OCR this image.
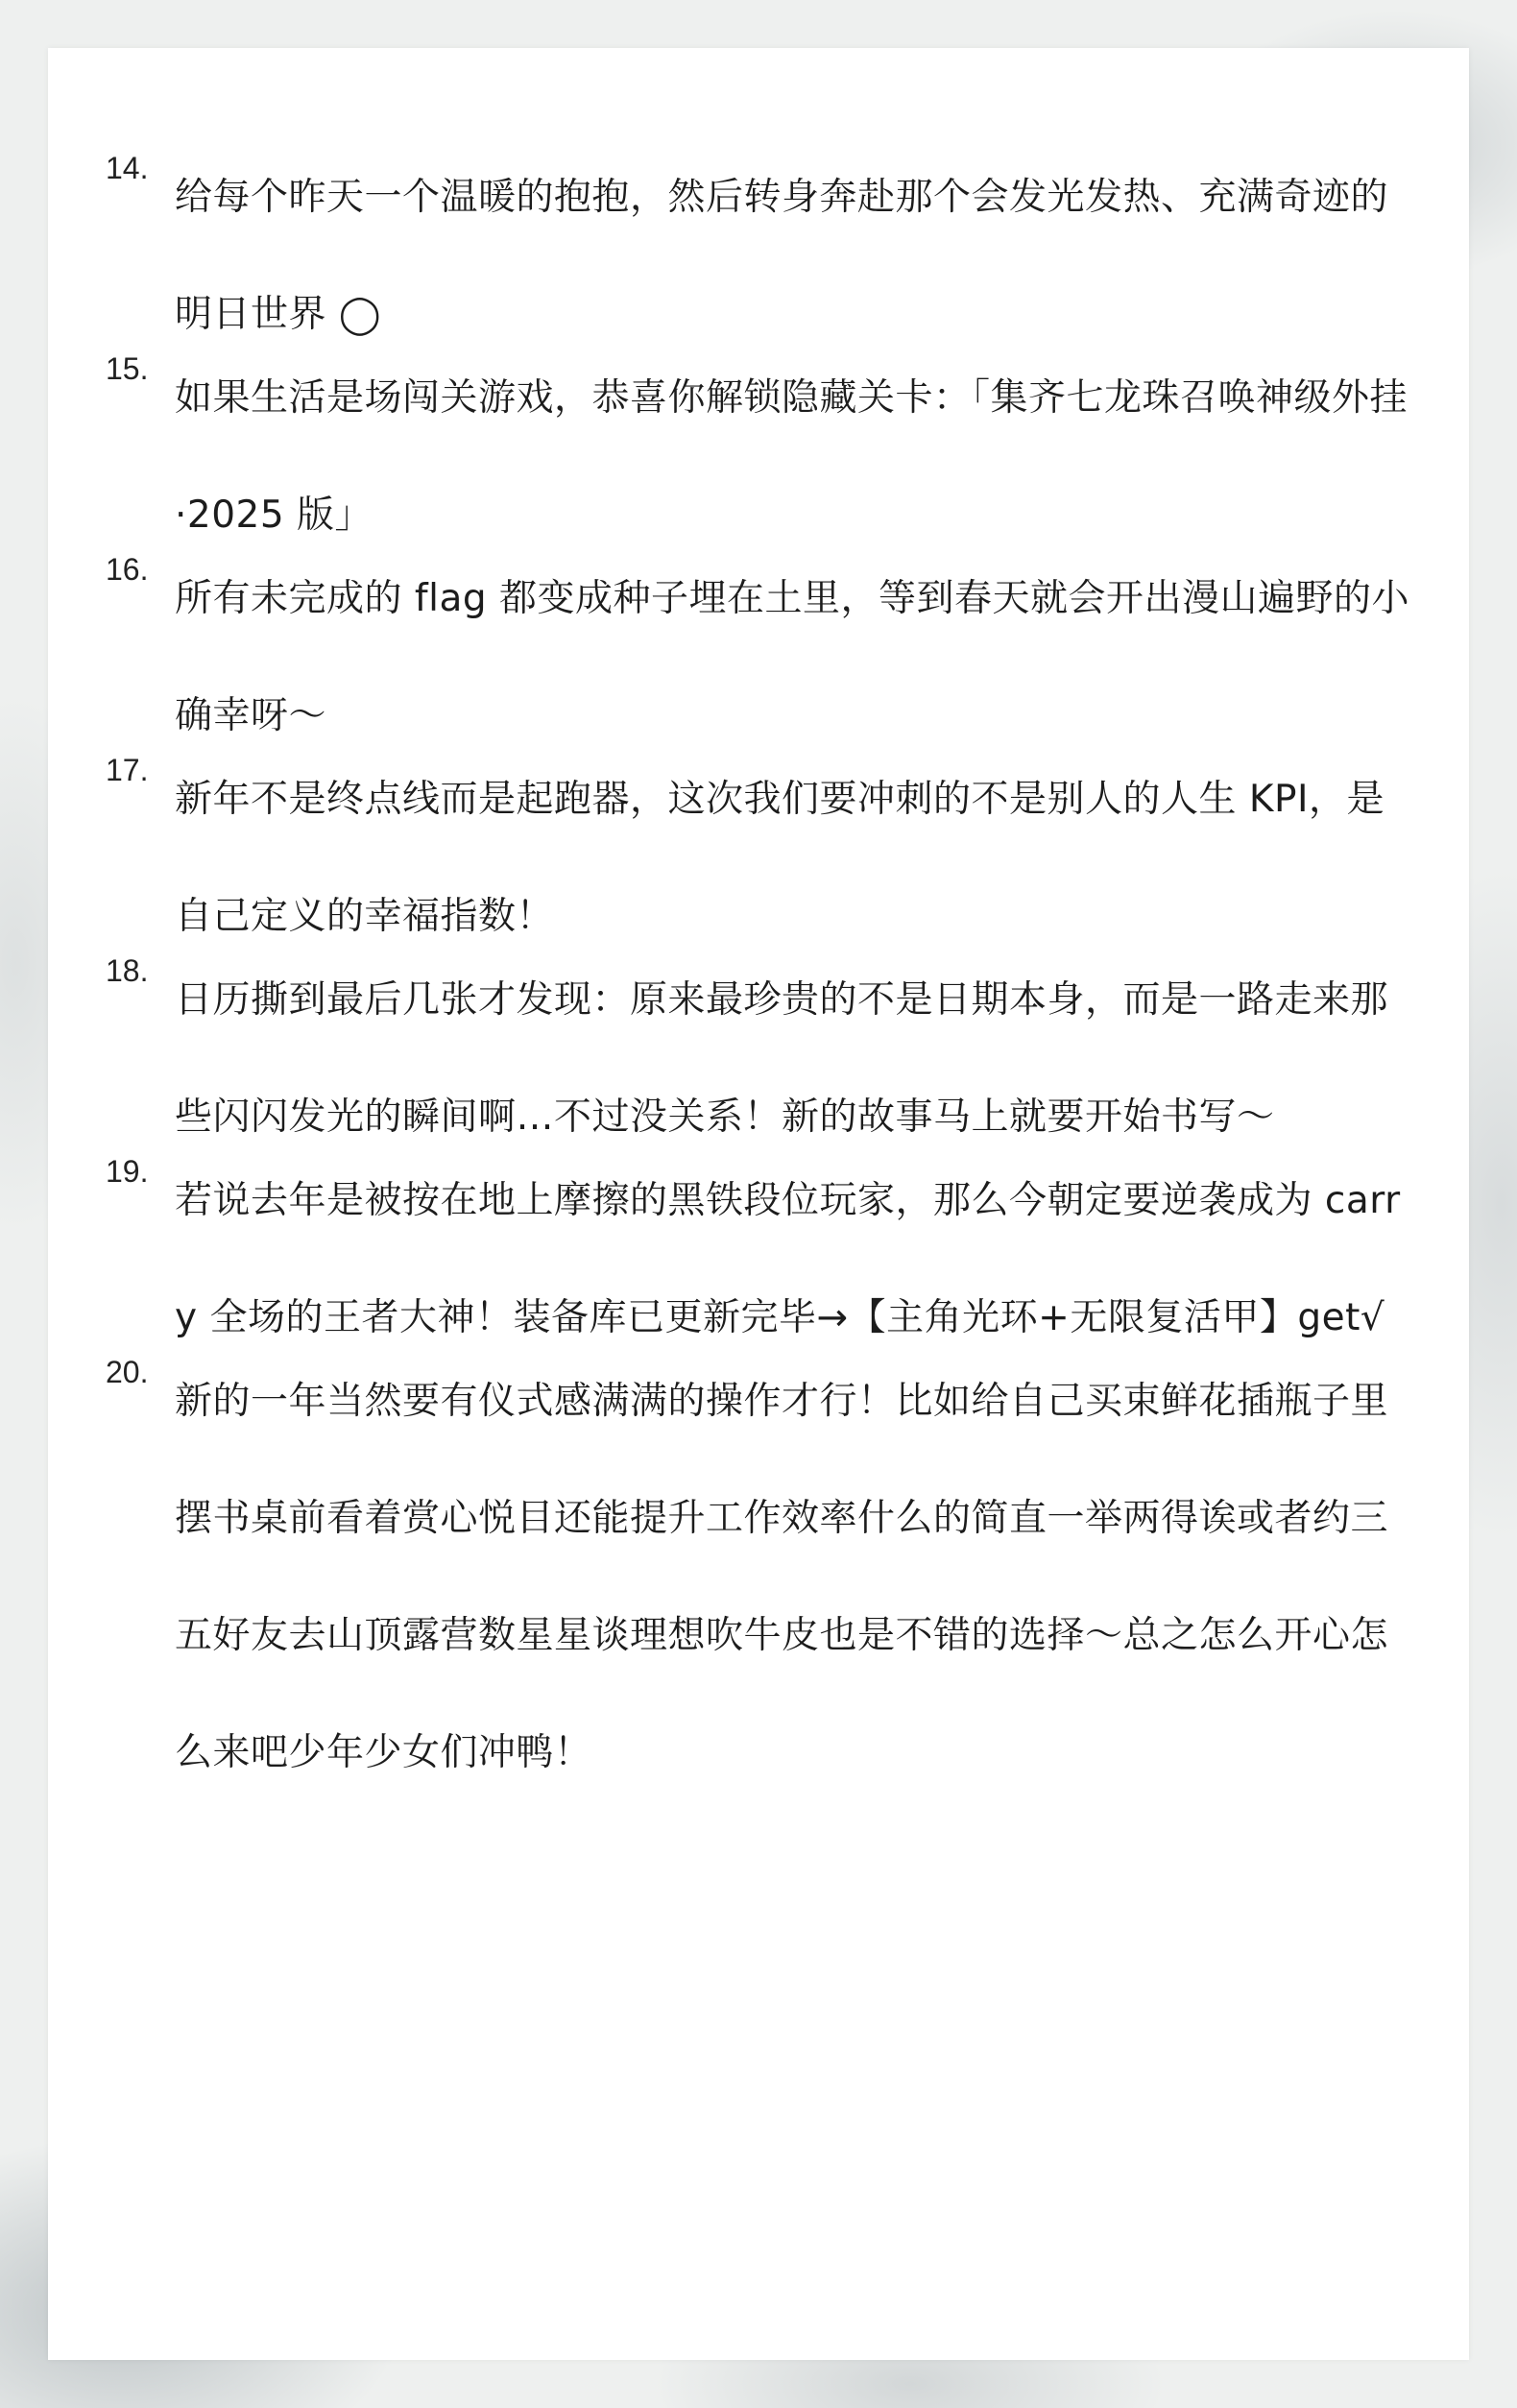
14.
给每个昨天一个温暖的抱抱，然后转身奔赴那个会发光发热、充满奇迹的明日世界 ◯
15.
如果生活是场闯关游戏，恭喜你解锁隐藏关卡：「集齐七龙珠召唤神级外挂·2025 版」
16.
所有未完成的 flag 都变成种子埋在土里，等到春天就会开出漫山遍野的小确幸呀～
17.
新年不是终点线而是起跑器，这次我们要冲刺的不是别人的人生 KPI，是自己定义的幸福指数！
18.
日历撕到最后几张才发现：原来最珍贵的不是日期本身，而是一路走来那些闪闪发光的瞬间啊…不过没关系！新的故事马上就要开始书写～
19.
若说去年是被按在地上摩擦的黑铁段位玩家，那么今朝定要逆袭成为 carry 全场的王者大神！装备库已更新完毕→【主角光环+无限复活甲】get√
20.
新的一年当然要有仪式感满满的操作才行！比如给自己买束鲜花插瓶子里摆书桌前看着赏心悦目还能提升工作效率什么的简直一举两得诶或者约三五好友去山顶露营数星星谈理想吹牛皮也是不错的选择～总之怎么开心怎么来吧少年少女们冲鸭！
